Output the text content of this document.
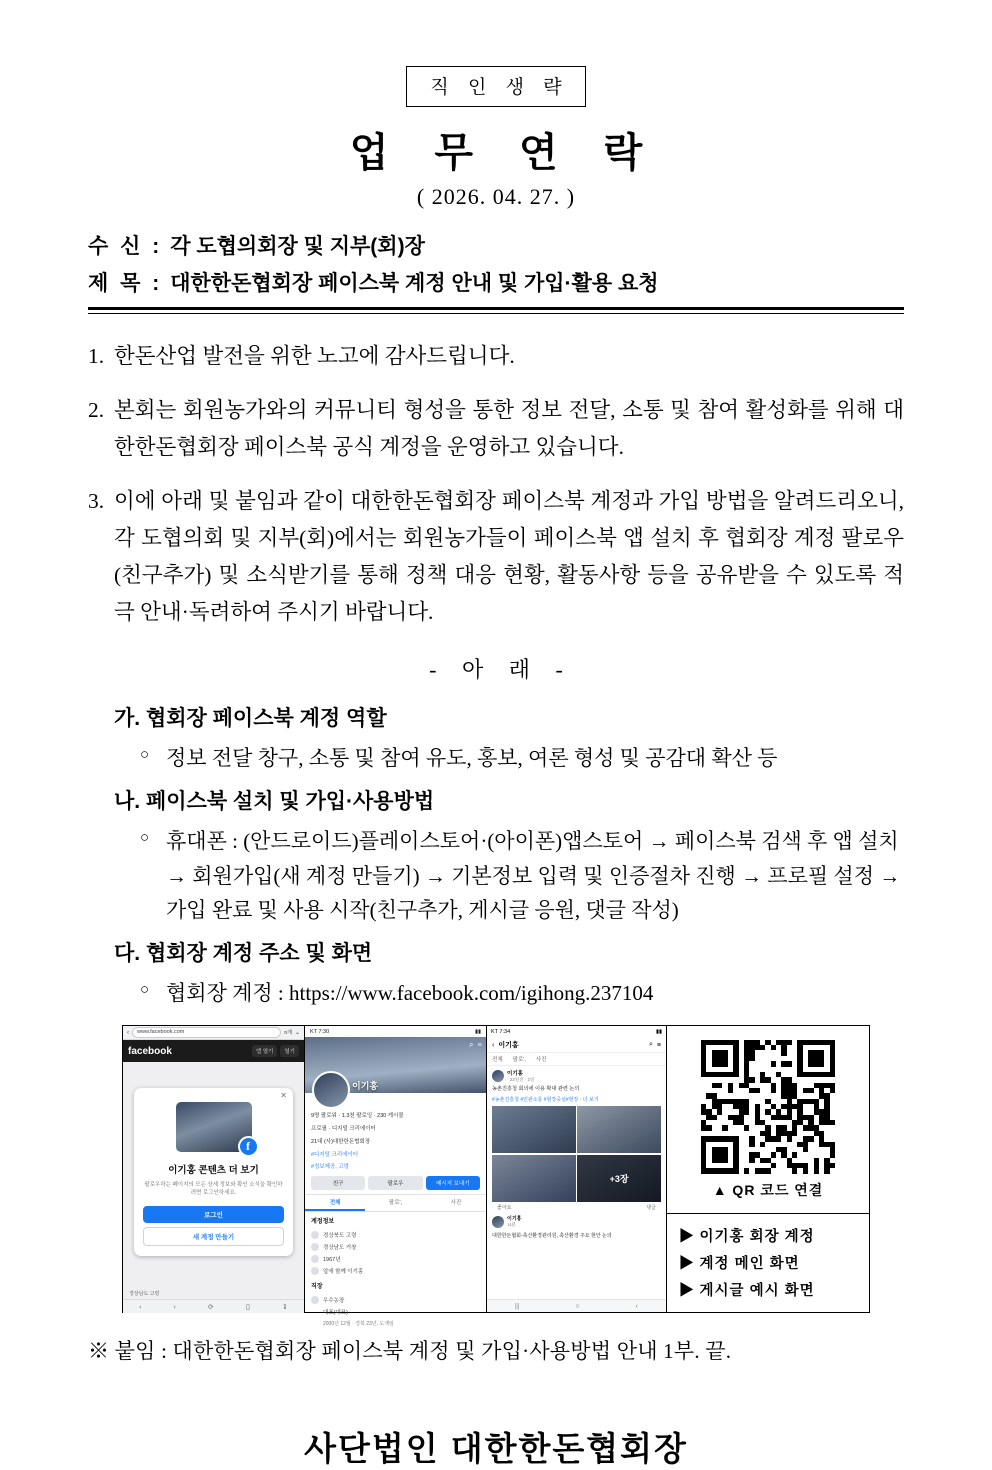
직 인 생 략
업 무 연 락
( 2026. 04. 27. )
수 신 : 각 도협의회장 및 지부(회)장
제 목 : 대한한돈협회장 페이스북 계정 안내 및 가입·활용 요청
1. 한돈산업 발전을 위한 노고에 감사드립니다.
2. 본회는 회원농가와의 커뮤니티 형성을 통한 정보 전달, 소통 및 참여 활성화를 위해 대한한돈협회장 페이스북 공식 계정을 운영하고 있습니다.
3. 이에 아래 및 붙임과 같이 대한한돈협회장 페이스북 계정과 가입 방법을 알려드리오니, 각 도협의회 및 지부(회)에서는 회원농가들이 페이스북 앱 설치 후 협회장 계정 팔로우(친구추가) 및 소식받기를 통해 정책 대응 현황, 활동사항 등을 공유받을 수 있도록 적극 안내·독려하여 주시기 바랍니다.
- 아 래 -
가. 협회장 페이스북 계정 역할
○ 정보 전달 창구, 소통 및 참여 유도, 홍보, 여론 형성 및 공감대 확산 등
나. 페이스북 설치 및 가입·사용방법
○ 휴대폰 : (안드로이드)플레이스토어·(아이폰)앱스토어 → 페이스북 검색 후 앱 설치 → 회원가입(새 계정 만들기) → 기본정보 입력 및 인증절차 진행 → 프로필 설정 → 가입 완료 및 사용 시작(친구추가, 게시글 응원, 댓글 작성)
다. 협회장 계정 주소 및 화면
○ 협회장 계정 : https://www.facebook.com/igihong.237104
‹	www.facebook.com	n개 ⌄
facebook	앱 열기	열기
✕
f
이기홍 콘텐츠 더 보기
팔로우하는 페이지의 모든 상세 정보와 확인 소식을 확인하려면 로그인하세요.
로그인
새 계정 만들기
경상남도 고령
‹	›	⟳	▯	⇪
KT 7:30	▮▮
⌕ ≡
이기홍
9명 팔로워 · 1.3천 팔로잉 · 230 게시물
프로필 · 디지털 크리에이터
21대 (사)대한한돈협회장
#디지털 크리에이터
#정보제공, 고령
친구	팔로우	메시지 보내기
전체	팔로',	사진
계정정보
경상북도 고령
경상남도 거창
1967년
앞에 함께 이기홍
직장
우수농장
대표(대표)
2000년 12월 · 경북 23년, 도재임
KT 7:34	▮▮
‹ 이기홍	⌕ ≡
전체 팔로', 사진
이기홍
· 23일전 · 2일
농촌진흥청 회의에 이용 확대 관련 논의
#농촌진흥청 #민관소통 #현장중심#현장 · 더 보기
+3장
좋아요	댓글
이기홍
14분
대한한돈협회-축산환경관리원, 축산환경 주요 현안 논의
|||	○	‹
▲ QR 코드 연결
▶ 이기홍 회장 계정
▶ 계정 메인 화면
▶ 게시글 예시 화면
※ 붙임 : 대한한돈협회장 페이스북 계정 및 가입·사용방법 안내 1부. 끝.
사단법인 대한한돈협회장
